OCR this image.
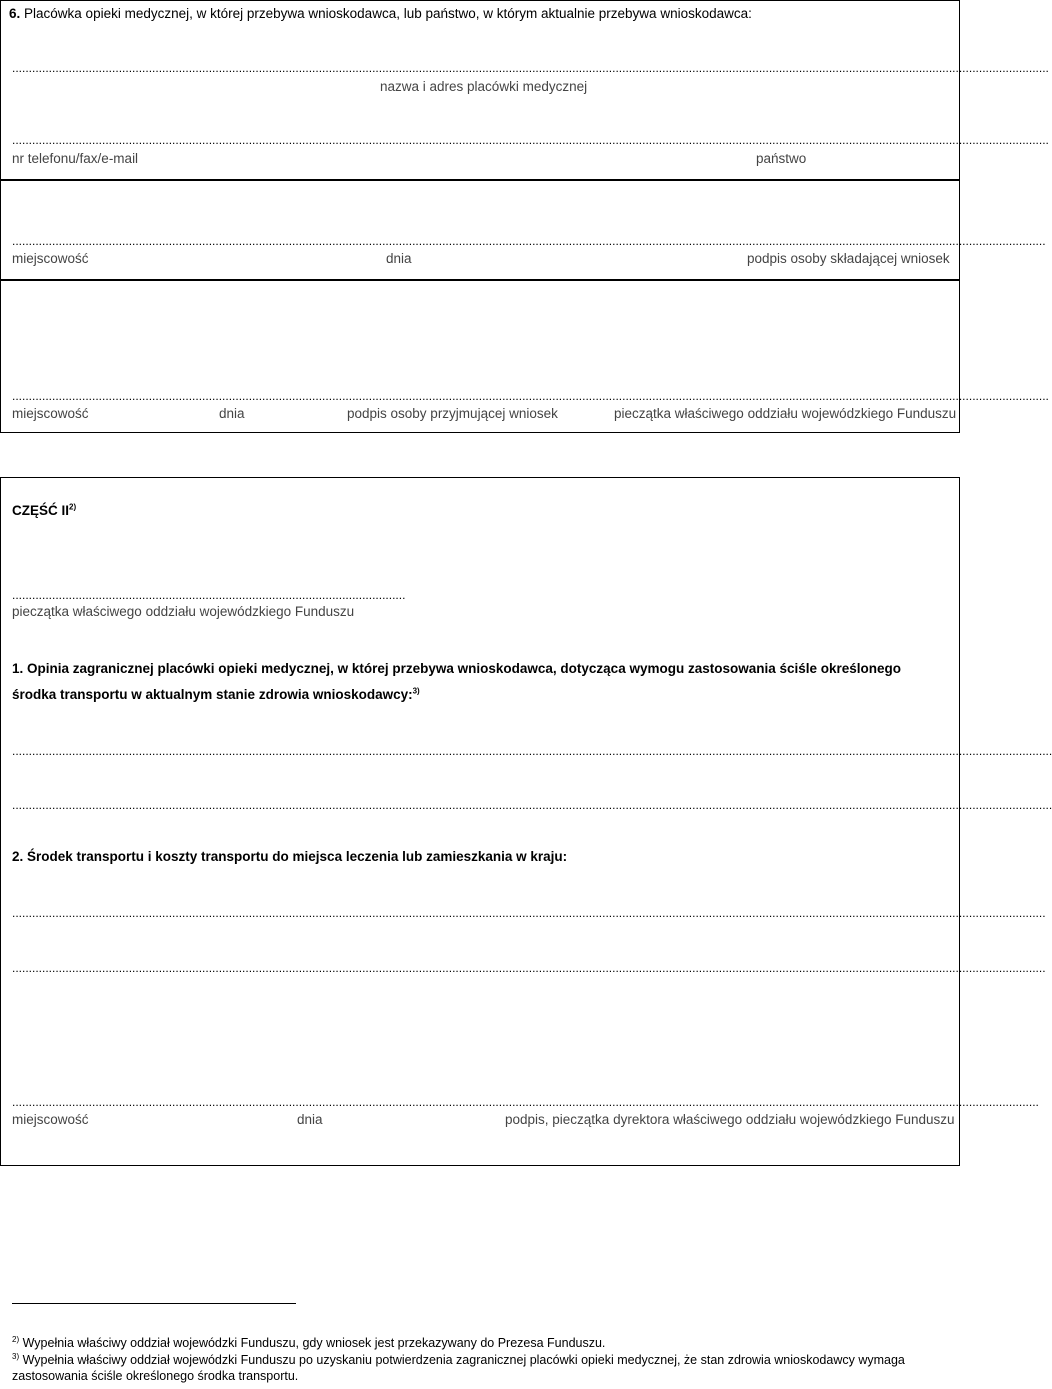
6. Placówka opieki medycznej, w której przebywa wnioskodawca, lub państwo, w którym aktualnie przebywa wnioskodawca:
.......................................................................................................................................................................................................................................................................................................................
nazwa i adres placówki medycznej
.......................................................................................................................................................................................................................................................................................................................
nr telefonu/fax/e-mail	państwo
......................................................................................................................................................................................................................................................................................................................
miejscowość	dnia	podpis osoby składającej wniosek
.......................................................................................................................................................................................................................................................................................................................
miejscowość	dnia	podpis osoby przyjmującej wniosek	pieczątka właściwego oddziału wojewódzkiego Funduszu
CZĘŚĆ II$^{2)}$
......................................................................................................................
pieczątka właściwego oddziału wojewódzkiego Funduszu
1. Opinia zagranicznej placówki opieki medycznej, w której przebywa wnioskodawca, dotycząca wymogu zastosowania ściśle określonego środka transportu w aktualnym stanie zdrowia wnioskodawcy:$^{3)}$
........................................................................................................................................................................................................................................................................................................................
........................................................................................................................................................................................................................................................................................................................
2. Środek transportu i koszty transportu do miejsca leczenia lub zamieszkania w kraju:
......................................................................................................................................................................................................................................................................................................................
......................................................................................................................................................................................................................................................................................................................
....................................................................................................................................................................................................................................................................................................................
miejscowość	dnia	podpis, pieczątka dyrektora właściwego oddziału wojewódzkiego Funduszu
$^{2)}$ Wypełnia właściwy oddział wojewódzki Funduszu, gdy wniosek jest przekazywany do Prezesa Funduszu.
$^{3)}$ Wypełnia właściwy oddział wojewódzki Funduszu po uzyskaniu potwierdzenia zagranicznej placówki opieki medycznej, że stan zdrowia wnioskodawcy wymaga zastosowania ściśle określonego środka transportu.
